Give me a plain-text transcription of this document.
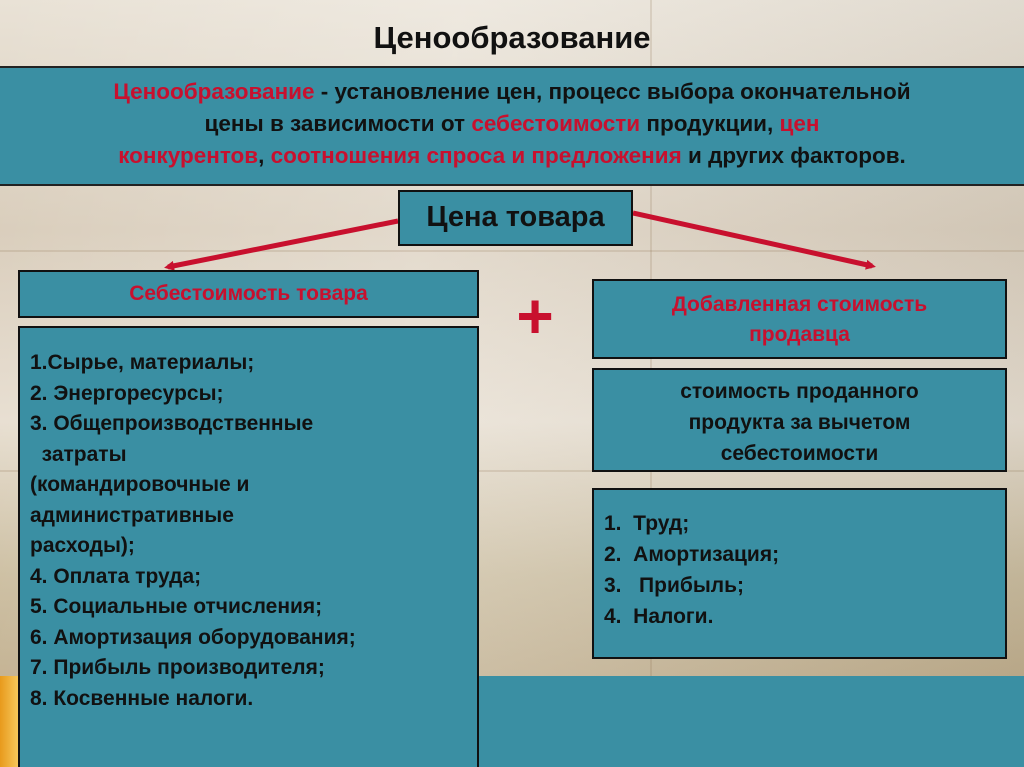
Ценообразование
Ценообразование - установление цен, процесс выбора окончательной
цены в зависимости от себестоимости продукции, цен
конкурентов, соотношения спроса и предложения и других факторов.
Цена товара
+
Себестоимость товара
1.Сырье, материалы;
2. Энергоресурсы;
3. Общепроизводственные
затраты
(командировочные и
административные
расходы);
4. Оплата труда;
5. Социальные отчисления;
6. Амортизация оборудования;
7. Прибыль производителя;
8. Косвенные налоги.
Добавленная стоимость
продавца
стоимость проданного
продукта за вычетом
себестоимости
1.  Труд;
2.  Амортизация;
3.   Прибыль;
4.  Налоги.
